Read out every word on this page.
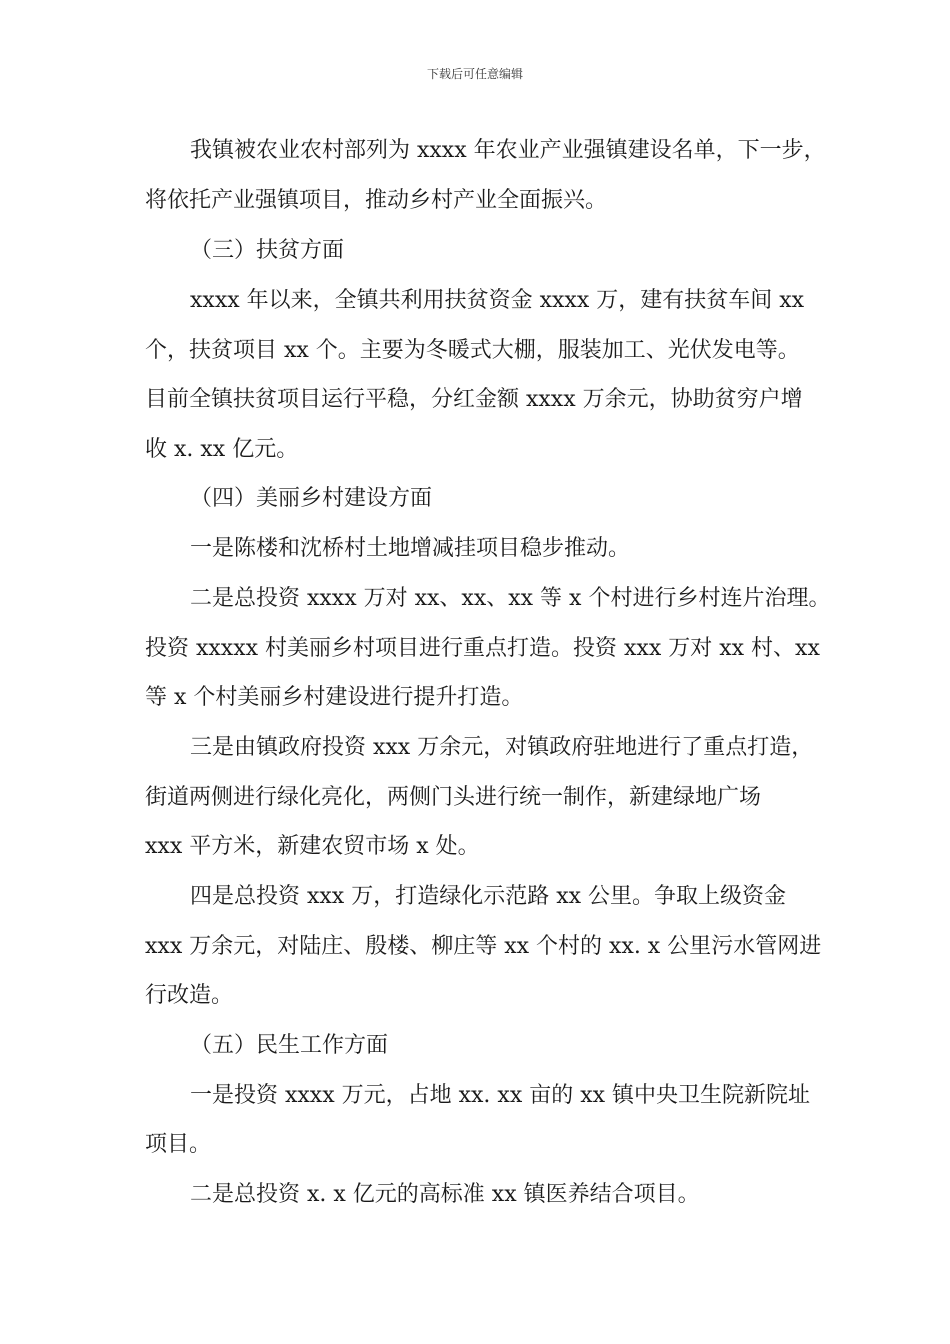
下载后可任意编辑
我镇被农业农村部列为 xxxx 年农业产业强镇建设名单，下一步，
将依托产业强镇项目，推动乡村产业全面振兴。
（三）扶贫方面
xxxx 年以来，全镇共利用扶贫资金 xxxx 万，建有扶贫车间 xx
个，扶贫项目 xx 个。主要为冬暖式大棚，服装加工、光伏发电等。
目前全镇扶贫项目运行平稳，分红金额 xxxx 万余元，协助贫穷户增
收 x. xx 亿元。
（四）美丽乡村建设方面
一是陈楼和沈桥村土地增减挂项目稳步推动。
二是总投资 xxxx 万对 xx、xx、xx 等 x 个村进行乡村连片治理。
投资 xxxxx 村美丽乡村项目进行重点打造。投资 xxx 万对 xx 村、xx
等 x 个村美丽乡村建设进行提升打造。
三是由镇政府投资 xxx 万余元，对镇政府驻地进行了重点打造，
街道两侧进行绿化亮化，两侧门头进行统一制作，新建绿地广场
xxx 平方米，新建农贸市场 x 处。
四是总投资 xxx 万，打造绿化示范路 xx 公里。争取上级资金
xxx 万余元，对陆庄、殷楼、柳庄等 xx 个村的 xx. x 公里污水管网进
行改造。
（五）民生工作方面
一是投资 xxxx 万元，占地 xx. xx 亩的 xx 镇中央卫生院新院址
项目。
二是总投资 x. x 亿元的高标准 xx 镇医养结合项目。
